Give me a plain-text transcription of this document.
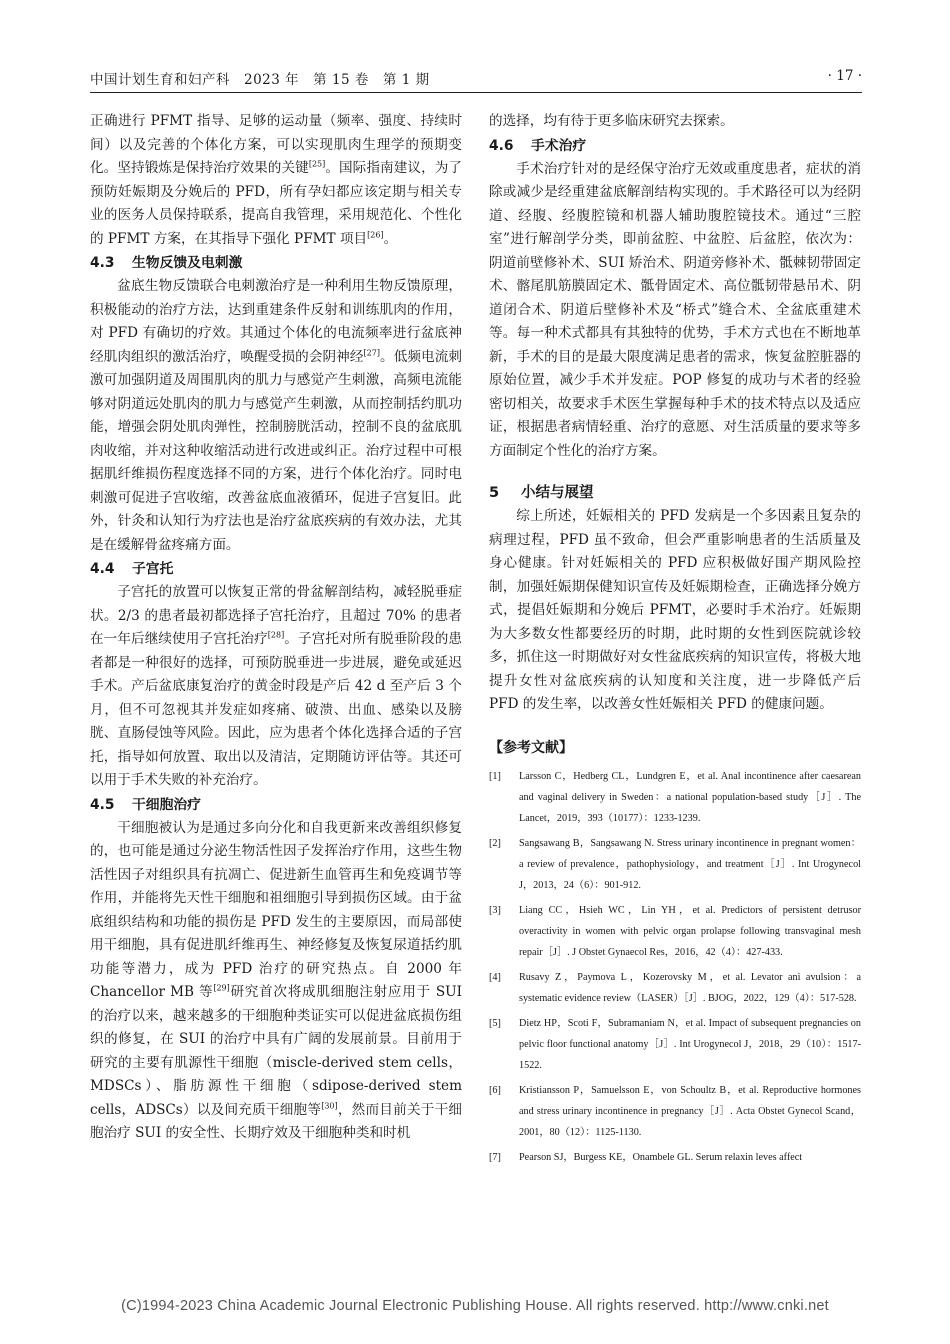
中国计划生育和妇产科　2023 年　第 15 卷　第 1 期	· 17 ·

正确进行 PFMT 指导、足够的运动量（频率、强度、持续时间）以及完善的个体化方案，可以实现肌肉生理学的预期变化。坚持锻炼是保持治疗效果的关键[25]。国际指南建议，为了预防妊娠期及分娩后的 PFD，所有孕妇都应该定期与相关专业的医务人员保持联系，提高自我管理，采用规范化、个性化的 PFMT 方案，在其指导下强化 PFMT 项目[26]。

4.3 生物反馈及电刺激

盆底生物反馈联合电刺激治疗是一种利用生物反馈原理，积极能动的治疗方法，达到重建条件反射和训练肌肉的作用，对 PFD 有确切的疗效。其通过个体化的电流频率进行盆底神经肌肉组织的激活治疗，唤醒受损的会阴神经[27]。低频电流刺激可加强阴道及周围肌肉的肌力与感觉产生刺激，高频电流能够对阴道远处肌肉的肌力与感觉产生刺激，从而控制括约肌功能，增强会阴处肌肉弹性，控制膀胱活动，控制不良的盆底肌肉收缩，并对这种收缩活动进行改进或纠正。治疗过程中可根据肌纤维损伤程度选择不同的方案，进行个体化治疗。同时电刺激可促进子宫收缩，改善盆底血液循环，促进子宫复旧。此外，针灸和认知行为疗法也是治疗盆底疾病的有效办法，尤其是在缓解骨盆疼痛方面。

4.4 子宫托

子宫托的放置可以恢复正常的骨盆解剖结构，减轻脱垂症状。2/3 的患者最初都选择子宫托治疗，且超过 70% 的患者在一年后继续使用子宫托治疗[28]。子宫托对所有脱垂阶段的患者都是一种很好的选择，可预防脱垂进一步进展，避免或延迟手术。产后盆底康复治疗的黄金时段是产后 42 d 至产后 3 个月，但不可忽视其并发症如疼痛、破溃、出血、感染以及膀胱、直肠侵蚀等风险。因此，应为患者个体化选择合适的子宫托，指导如何放置、取出以及清洁，定期随访评估等。其还可以用于手术失败的补充治疗。

4.5 干细胞治疗

干细胞被认为是通过多向分化和自我更新来改善组织修复的，也可能是通过分泌生物活性因子发挥治疗作用，这些生物活性因子对组织具有抗凋亡、促进新生血管再生和免疫调节等作用，并能将先天性干细胞和祖细胞引导到损伤区域。由于盆底组织结构和功能的损伤是 PFD 发生的主要原因，而局部使用干细胞，具有促进肌纤维再生、神经修复及恢复尿道括约肌功能等潜力，成为 PFD 治疗的研究热点。自 2000 年 Chancellor MB 等[29]研究首次将成肌细胞注射应用于 SUI 的治疗以来，越来越多的干细胞种类证实可以促进盆底损伤组织的修复，在 SUI 的治疗中具有广阔的发展前景。目前用于研究的主要有肌源性干细胞（miscle-derived stem cells，MDSCs）、脂肪源性干细胞（sdipose-derived stem cells，ADSCs）以及间充质干细胞等[30]，然而目前关于干细胞治疗 SUI 的安全性、长期疗效及干细胞种类和时机

的选择，均有待于更多临床研究去探索。

4.6 手术治疗

手术治疗针对的是经保守治疗无效或重度患者，症状的消除或减少是经重建盆底解剖结构实现的。手术路径可以为经阴道、经腹、经腹腔镜和机器人辅助腹腔镜技术。通过“三腔室”进行解剖学分类，即前盆腔、中盆腔、后盆腔，依次为：阴道前壁修补术、SUI 矫治术、阴道旁修补术、骶棘韧带固定术、髂尾肌筋膜固定术、骶骨固定术、高位骶韧带悬吊术、阴道闭合术、阴道后壁修补术及“桥式”缝合术、全盆底重建术等。每一种术式都具有其独特的优势，手术方式也在不断地革新，手术的目的是最大限度满足患者的需求，恢复盆腔脏器的原始位置，减少手术并发症。POP 修复的成功与术者的经验密切相关，故要求手术医生掌握每种手术的技术特点以及适应证，根据患者病情轻重、治疗的意愿、对生活质量的要求等多方面制定个性化的治疗方案。

5 小结与展望

综上所述，妊娠相关的 PFD 发病是一个多因素且复杂的病理过程，PFD 虽不致命，但会严重影响患者的生活质量及身心健康。针对妊娠相关的 PFD 应积极做好围产期风险控制，加强妊娠期保健知识宣传及妊娠期检查，正确选择分娩方式，提倡妊娠期和分娩后 PFMT，必要时手术治疗。妊娠期为大多数女性都要经历的时期，此时期的女性到医院就诊较多，抓住这一时期做好对女性盆底疾病的知识宣传，将极大地提升女性对盆底疾病的认知度和关注度，进一步降低产后 PFD 的发生率，以改善女性妊娠相关 PFD 的健康问题。

【参考文献】
[1] Larsson C，Hedberg CL，Lundgren E，et al. Anal incontinence after caesarean and vaginal delivery in Sweden：a national population-based study［J］. The Lancet，2019，393（10177）：1233-1239.
[2] Sangsawang B，Sangsawang N. Stress urinary incontinence in pregnant women：a review of prevalence，pathophysiology，and treatment［J］. Int Urogynecol J，2013，24（6）：901-912.
[3] Liang CC，Hsieh WC，Lin YH，et al. Predictors of persistent detrusor overactivity in women with pelvic organ prolapse following transvaginal mesh repair［J］. J Obstet Gynaecol Res，2016，42（4）：427-433.
[4] Rusavy Z，Paymova L，Kozerovsky M，et al. Levator ani avulsion：a systematic evidence review（LASER）［J］. BJOG，2022，129（4）：517-528.
[5] Dietz HP，Scoti F，Subramaniam N，et al. Impact of subsequent pregnancies on pelvic floor functional anatomy［J］. Int Urogynecol J，2018，29（10）：1517-1522.
[6] Kristiansson P，Samuelsson E，von Schoultz B，et al. Reproductive hormones and stress urinary incontinence in pregnancy［J］. Acta Obstet Gynecol Scand，2001，80（12）：1125-1130.
[7] Pearson SJ，Burgess KE，Onambele GL. Serum relaxin leves affect
(C)1994-2023 China Academic Journal Electronic Publishing House. All rights reserved. http://www.cnki.net
